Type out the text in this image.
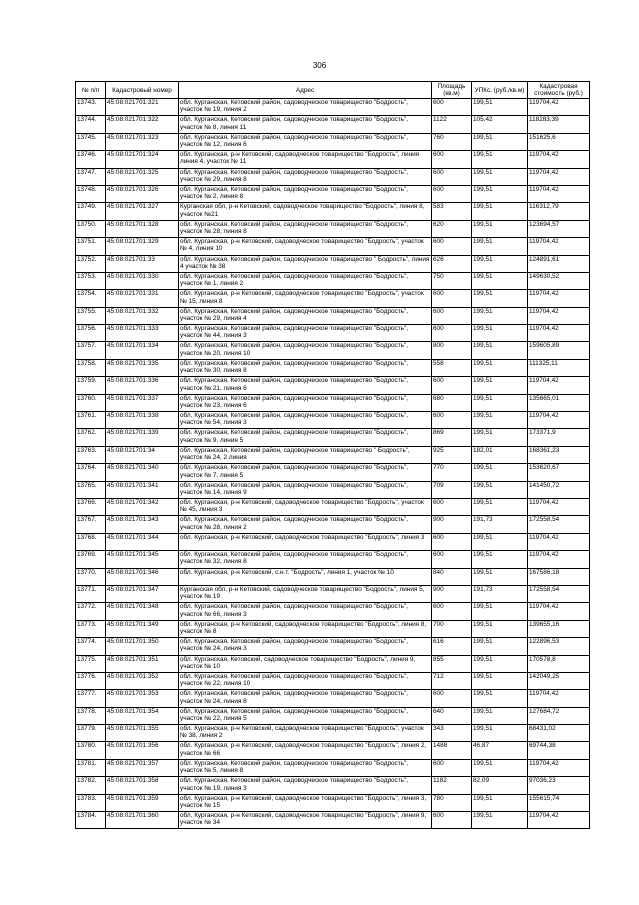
306
№ п/п	Кадастровый номер	Адрес	Площадь (кв.м)	УПКс. (руб./кв.м)	Кадастровая стоимость (руб.)
13743.	45:08:021701:321	обл. Курганская, Кетовский район, садоводческое товарищество "Бодрость", участок № 19, линия 2	600	199,51	119704,42
13744.	45:08:021701:322	обл. Курганская, Кетовский район, садоводческое товарищество "Бодрость", участок № 8, линия 11	1122	105,42	118283,39
13745.	45:08:021701:323	обл. Курганская, Кетовский район, садоводческое товарищество "Бодрость", участок № 12, линия 6	760	199,51	151625,6
13746.	45:08:021701:324	обл. Курганская, р-н Кетовский, садоводческое товарищество "Бодрость", линия линия 4, участок № 11	600	199,51	119704,42
13747.	45:08:021701:325	обл. Курганская, Кетовский район, садоводческое товарищество "Бодрость", участок № 29, линия 8	600	199,51	119704,42
13748.	45:08:021701:326	обл. Курганская, Кетовский район, садоводческое товарищество "Бодрость", участок № 2, линия 8	600	199,51	119704,42
13749.	45:08:021701:327	Курганская обл, р-н Кетовский, садоводческое товарищество "Бодрость", линия 8, участок №21	583	199,51	116312,79
13750.	45:08:021701:328	обл. Курганская, Кетовский район, садоводческое товарищество "Бодрость", участок № 28, линия 8	620	199,51	123694,57
13751.	45:08:021701:329	обл. Курганская, р-н Кетовский, садоводческое товарищество "Бодрость", участок № 4, линия 10	600	199,51	119704,42
13752.	45:08:021701:33	обл. Курганская, Кетовский район, садоводческое товарищество " Бодрость", линия 4 участок № 38	626	199,51	124891,61
13753.	45:08:021701:330	обл. Курганская, Кетовский район, садоводческое товарищество "Бодрость", участок № 1, линия 2	750	199,51	149630,52
13754.	45:08:021701:331	обл. Курганская, р-н Кетовский, садоводческое товарищество "Бодрость", участок № 15, линия 8	600	199,51	119704,42
13755.	45:08:021701:332	обл. Курганская, Кетовский район, садоводческое товарищество "Бодрость", участок № 29, линия 4	600	199,51	119704,42
13756.	45:08:021701:333	обл. Курганская, Кетовский район, садоводческое товарищество "Бодрость", участок № 44, линия 3	600	199,51	119704,42
13757.	45:08:021701:334	обл. Курганская, Кетовский район, садоводческое товарищество "Бодрость", участок № 20, линия 10	800	199,51	159605,89
13758.	45:08:021701:335	обл. Курганская, Кетовский район, садоводческое товарищество "Бодрость", участок № 30, линия 8	558	199,51	111325,11
13759.	45:08:021701:336	обл. Курганская, Кетовский район, садоводческое товарищество "Бодрость", участок № 21, линия 6	600	199,51	119704,42
13760.	45:08:021701:337	обл. Курганская, Кетовский район, садоводческое товарищество "Бодрость", участок № 23, линия 6	680	199,51	135665,01
13761.	45:08:021701:338	обл. Курганская, Кетовский район, садоводческое товарищество "Бодрость", участок № 54, линия 3	600	199,51	119704,42
13762.	45:08:021701:339	обл. Курганская, Кетовский район, садоводческое товарищество "Бодрость", участок № 9, линия 5	869	199,51	173371,9
13763.	45:08:021701:34	обл. Курганская, Кетовский район, садоводческое товарищество " Бодрость", участок № 24, 2 линия	925	182,01	168361,23
13764.	45:08:021701:340	обл. Курганская, Кетовский район, садоводческое товарищество "Бодрость", участок № 7, линия 5	770	199,51	153620,67
13765.	45:08:021701:341	обл. Курганская, Кетовский район, садоводческое товарищество "Бодрость", участок № 14, линия 9	709	199,51	141450,72
13766.	45:08:021701:342	обл. Курганская, р-н Кетовский, садоводческое товарищество "Бодрость", участок № 45, линия 3	600	199,51	119704,42
13767.	45:08:021701:343	обл. Курганская, Кетовский район, садоводческое товарищество "Бодрость", участок № 28, линия 2	900	191,73	172558,54
13768.	45:08:021701:344	обл. Курганская, р-н Кетовский, садоводческое товарищество "Бодрость", линия 3	600	199,51	119704,42
13769.	45:08:021701:345	обл. Курганская, Кетовский район, садоводческое товарищество "Бодрость", участок № 32, линия 8	600	199,51	119704,42
13770.	45:08:021701:346	обл. Курганская, р-н Кетовский, с.н.т. "Бодрость", линия 1, участок № 10	840	199,51	167586,18
13771.	45:08:021701:347	Курганская обл, р-н Кетовский, садоводческое товарищество "Бодрость", линия 5, участок № 19	900	191,73	172558,54
13772.	45:08:021701:348	обл. Курганская, Кетовский район, садоводческое товарищество "Бодрость", участок № 66, линия 3	600	199,51	119704,42
13773.	45:08:021701:349	обл. Курганская, р-н Кетовский, садоводческое товарищество "Бодрость", линия 8, участок № 8	700	199,51	139655,16
13774.	45:08:021701:350	обл. Курганская, Кетовский район, садоводческое товарищество "Бодрость", участок № 24, линия 3	616	199,51	122896,53
13775.	45:08:021701:351	обл. Курганская, Кетовский, садоводческое товарищество "Бодрость", линия 9, участок № 10	855	199,51	170578,8
13776.	45:08:021701:352	обл. Курганская, Кетовский район, садоводческое товарищество "Бодрость", участок № 22, линия 10	712	199,51	142049,25
13777.	45:08:021701:353	обл. Курганская, Кетовский район, садоводческое товарищество "Бодрость", участок № 24, линия 8	600	199,51	119704,42
13778.	45:08:021701:354	обл. Курганская, Кетовский район, садоводческое товарищество "Бодрость", участок № 22, линия 5	640	199,51	127684,72
13779.	45:08:021701:355	обл. Курганская, р-н Кетовский, садоводческое товарищество "Бодрость", участок № 38, линия 2	343	199,51	68431,02
13780.	45:08:021701:356	обл. Курганская, р-н Кетовский, садоводческое товарищество "Бодрость", линия 2, участок № 66	1488	46,87	69744,38
13781.	45:08:021701:357	обл. Курганская, Кетовский район, садоводческое товарищество "Бодрость", участок № 5, линия 8	600	199,51	119704,42
13782.	45:08:021701:358	обл. Курганская, Кетовский район, садоводческое товарищество "Бодрость", участок № 19, линия 3	1182	82,09	97036,23
13783.	45:08:021701:359	обл. Курганская, р-н Кетовский, садоводческое товарищество "Бодрость", линия 3, участок № 15	780	199,51	155615,74
13784.	45:08:021701:360	обл. Курганская, р-н Кетовский, садоводческое товарищество "Бодрость", линия 9, участок № 34	600	199,51	119704,42
